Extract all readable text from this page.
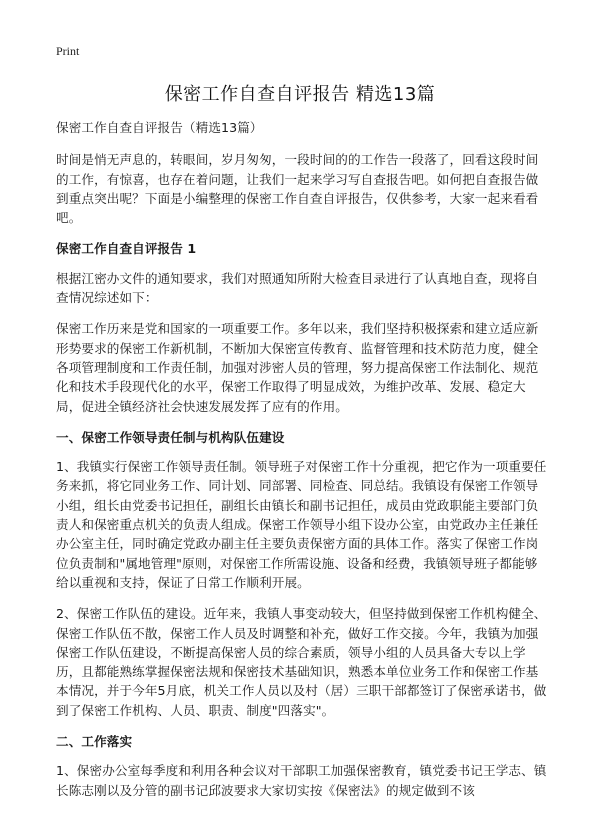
Print
保密工作自查自评报告 精选13篇

保密工作自查自评报告（精选13篇）

时间是悄无声息的，转眼间，岁月匆匆，一段时间的的工作告一段落了，回看这段时间的工作，有惊喜，也存在着问题，让我们一起来学习写自查报告吧。如何把自查报告做到重点突出呢？下面是小编整理的保密工作自查自评报告，仅供参考，大家一起来看看吧。

保密工作自查自评报告 1

根据江密办文件的通知要求，我们对照通知所附大检查目录进行了认真地自查，现将自查情况综述如下：

保密工作历来是党和国家的一项重要工作。多年以来，我们坚持积极探索和建立适应新形势要求的保密工作新机制，不断加大保密宣传教育、监督管理和技术防范力度，健全各项管理制度和工作责任制，加强对涉密人员的管理，努力提高保密工作法制化、规范化和技术手段现代化的水平，保密工作取得了明显成效，为维护改革、发展、稳定大局，促进全镇经济社会快速发展发挥了应有的作用。

一、保密工作领导责任制与机构队伍建设

1、我镇实行保密工作领导责任制。领导班子对保密工作十分重视，把它作为一项重要任务来抓，将它同业务工作、同计划、同部署、同检查、同总结。我镇设有保密工作领导小组，组长由党委书记担任，副组长由镇长和副书记担任，成员由党政职能主要部门负责人和保密重点机关的负责人组成。保密工作领导小组下设办公室，由党政办主任兼任办公室主任，同时确定党政办副主任主要负责保密方面的具体工作。落实了保密工作岗位负责制和"属地管理"原则，对保密工作所需设施、设备和经费，我镇领导班子都能够给以重视和支持，保证了日常工作顺利开展。

2、保密工作队伍的建设。近年来，我镇人事变动较大，但坚持做到保密工作机构健全、保密工作队伍不散，保密工作人员及时调整和补充，做好工作交接。今年，我镇为加强保密工作队伍建设，不断提高保密人员的综合素质，领导小组的人员具备大专以上学历，且都能熟练掌握保密法规和保密技术基础知识，熟悉本单位业务工作和保密工作基本情况，并于今年5月底，机关工作人员以及村（居）三职干部都签订了保密承诺书，做到了保密工作机构、人员、职责、制度"四落实"。

二、工作落实

1、保密办公室每季度和利用各种会议对干部职工加强保密教育，镇党委书记王学志、镇长陈志刚以及分管的副书记邱波要求大家切实按《保密法》的规定做到不该
